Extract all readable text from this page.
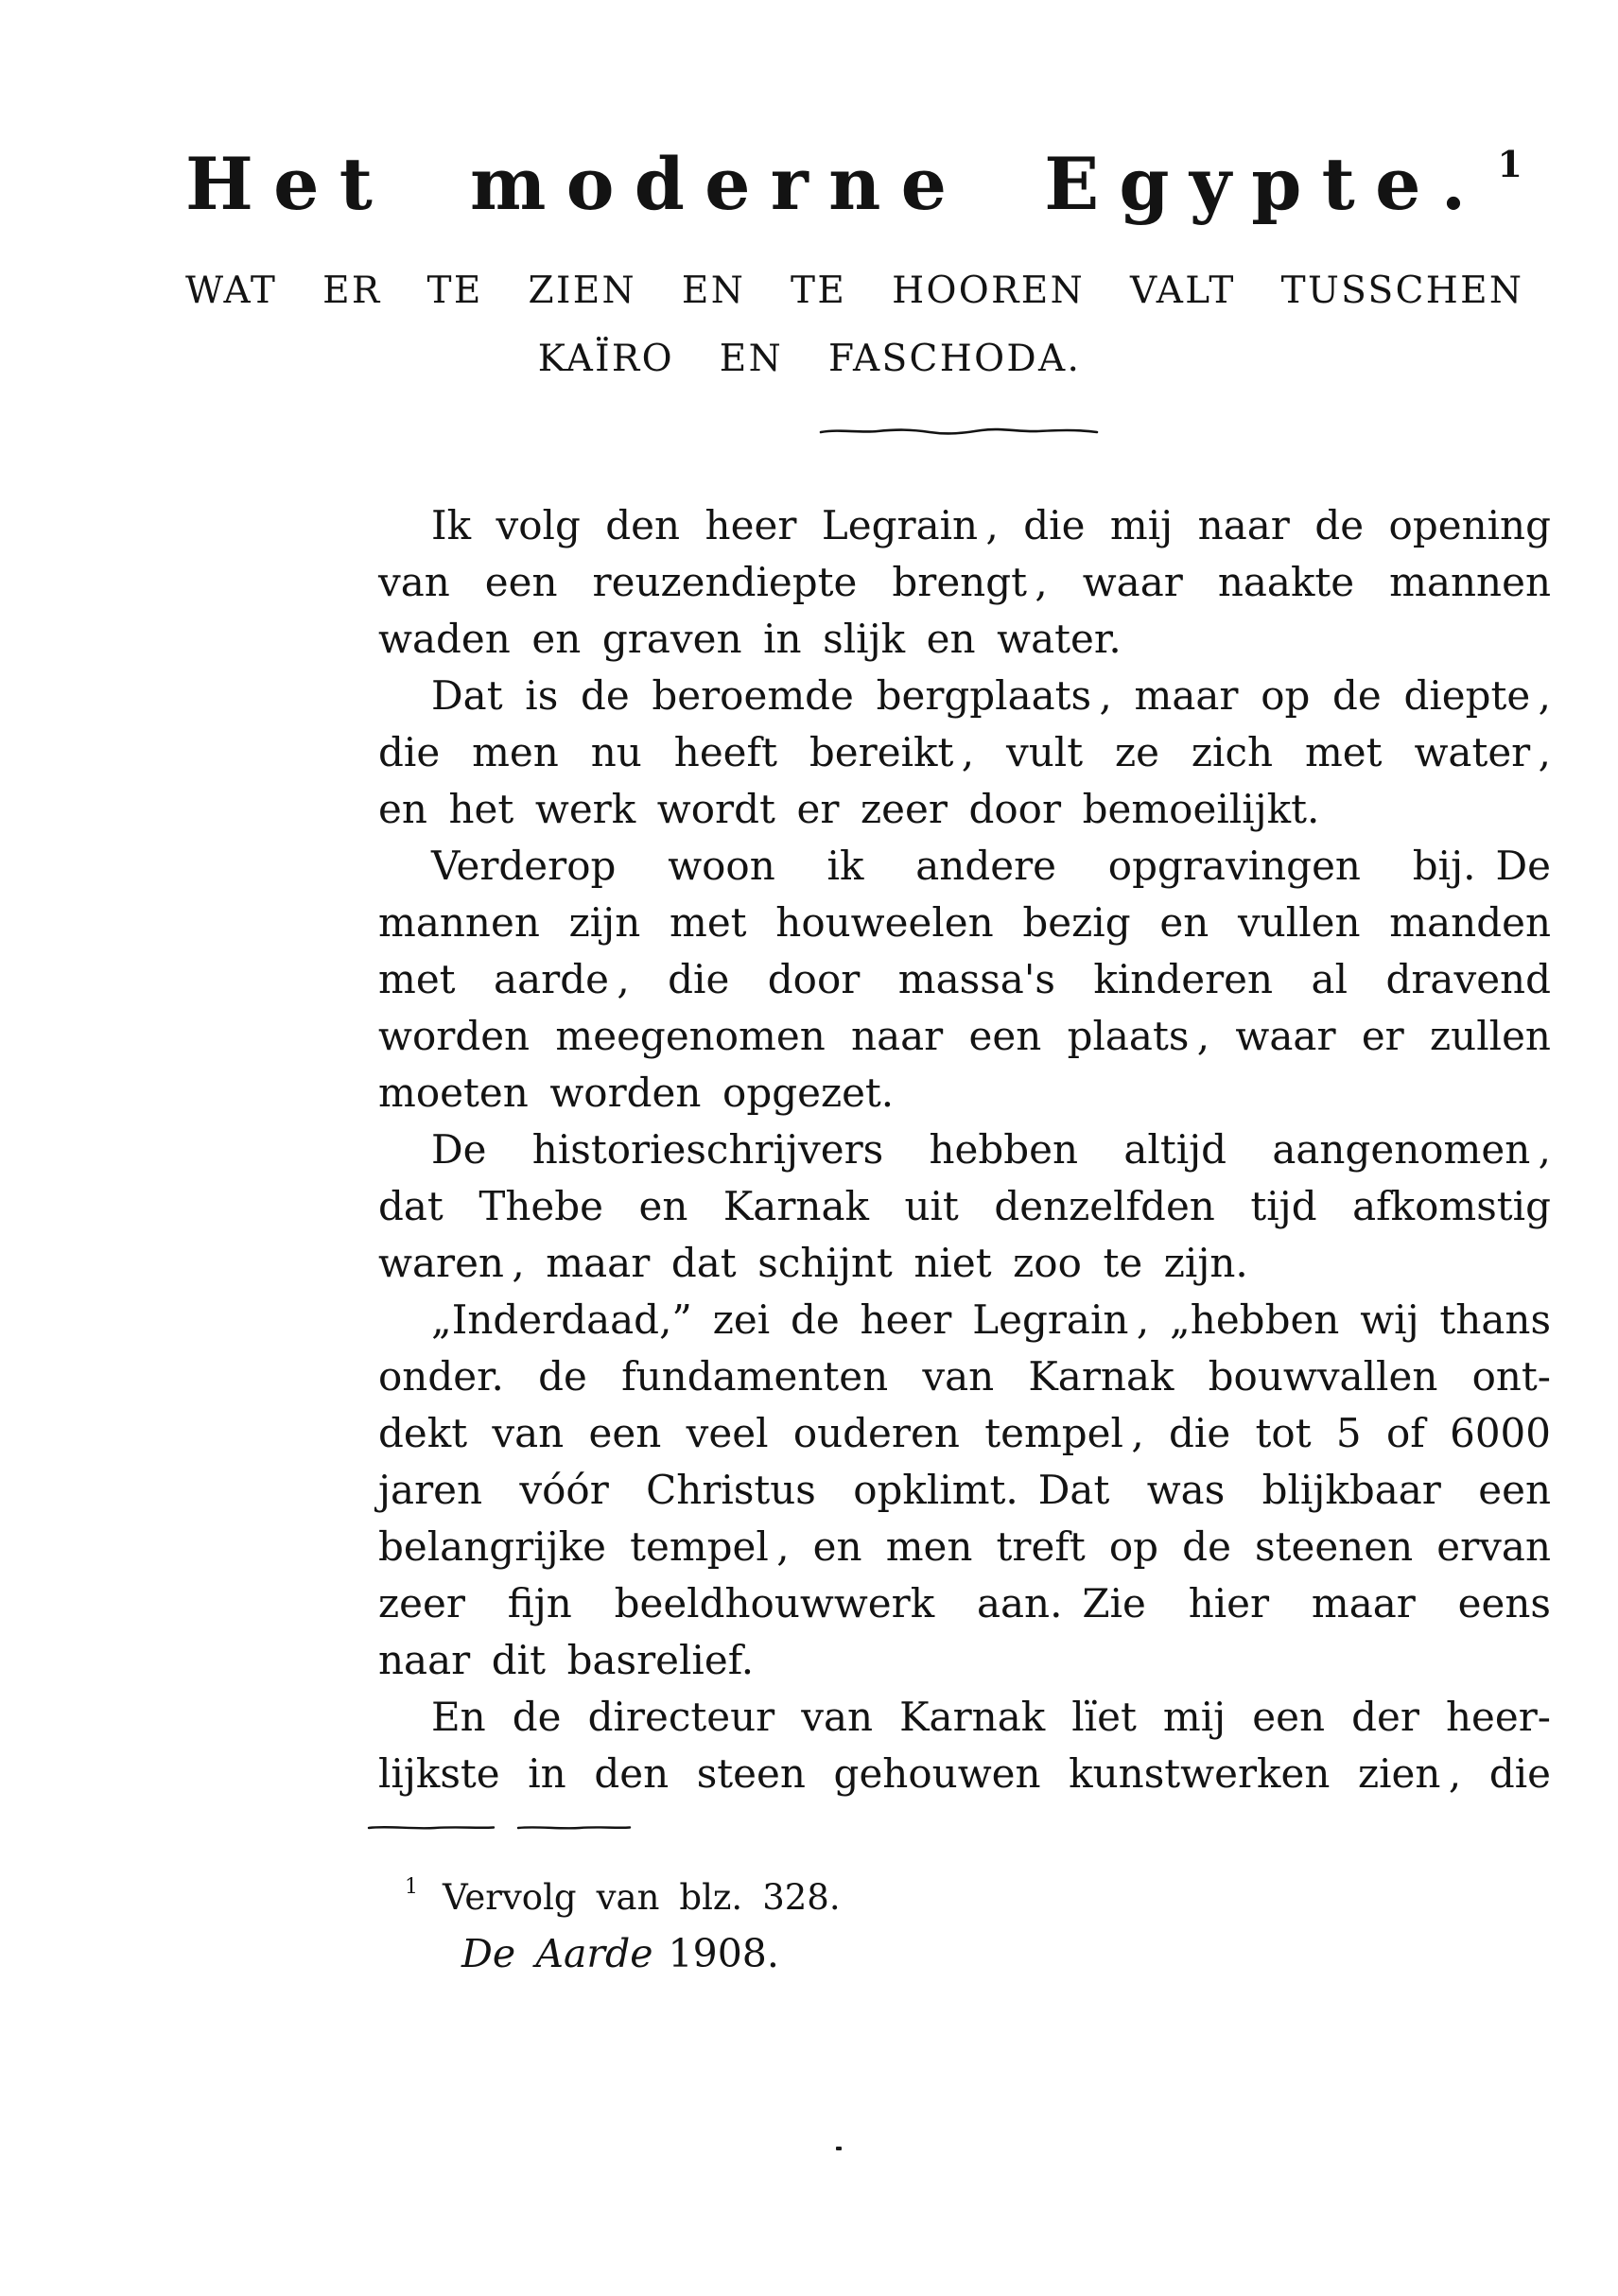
Het moderne Egypte. $^1$
WAT ER TE ZIEN EN TE HOOREN VALT TUSSCHEN
KAÏRO EN FASCHODA.
Ik volg den heer Legrain , die mij naar de opening
van een reuzendiepte brengt , waar naakte mannen
waden en graven in slijk en water.
Dat is de beroemde bergplaats , maar op de diepte ,
die men nu heeft bereikt , vult ze zich met water ,
en het werk wordt er zeer door bemoeilijkt.
Verderop woon ik andere opgravingen bij. De
mannen zijn met houweelen bezig en vullen manden
met aarde , die door massa's kinderen al dravend
worden meegenomen naar een plaats , waar er zullen
moeten worden opgezet.
De historieschrijvers hebben altijd aangenomen ,
dat Thebe en Karnak uit denzelfden tijd afkomstig
waren , maar dat schijnt niet zoo te zijn.
„Inderdaad,” zei de heer Legrain , „hebben wij thans
onder. de fundamenten van Karnak bouwvallen ont-
dekt van een veel ouderen tempel , die tot 5 of 6000
jaren vóór Christus opklimt. Dat was blijkbaar een
belangrijke tempel , en men treft op de steenen ervan
zeer fijn beeldhouwwerk aan. Zie hier maar eens
naar dit basrelief.
En de directeur van Karnak lïet mij een der heer-
lijkste in den steen gehouwen kunstwerken zien , die
$^1$ Vervolg van blz. 328.
De Aarde 1908.
